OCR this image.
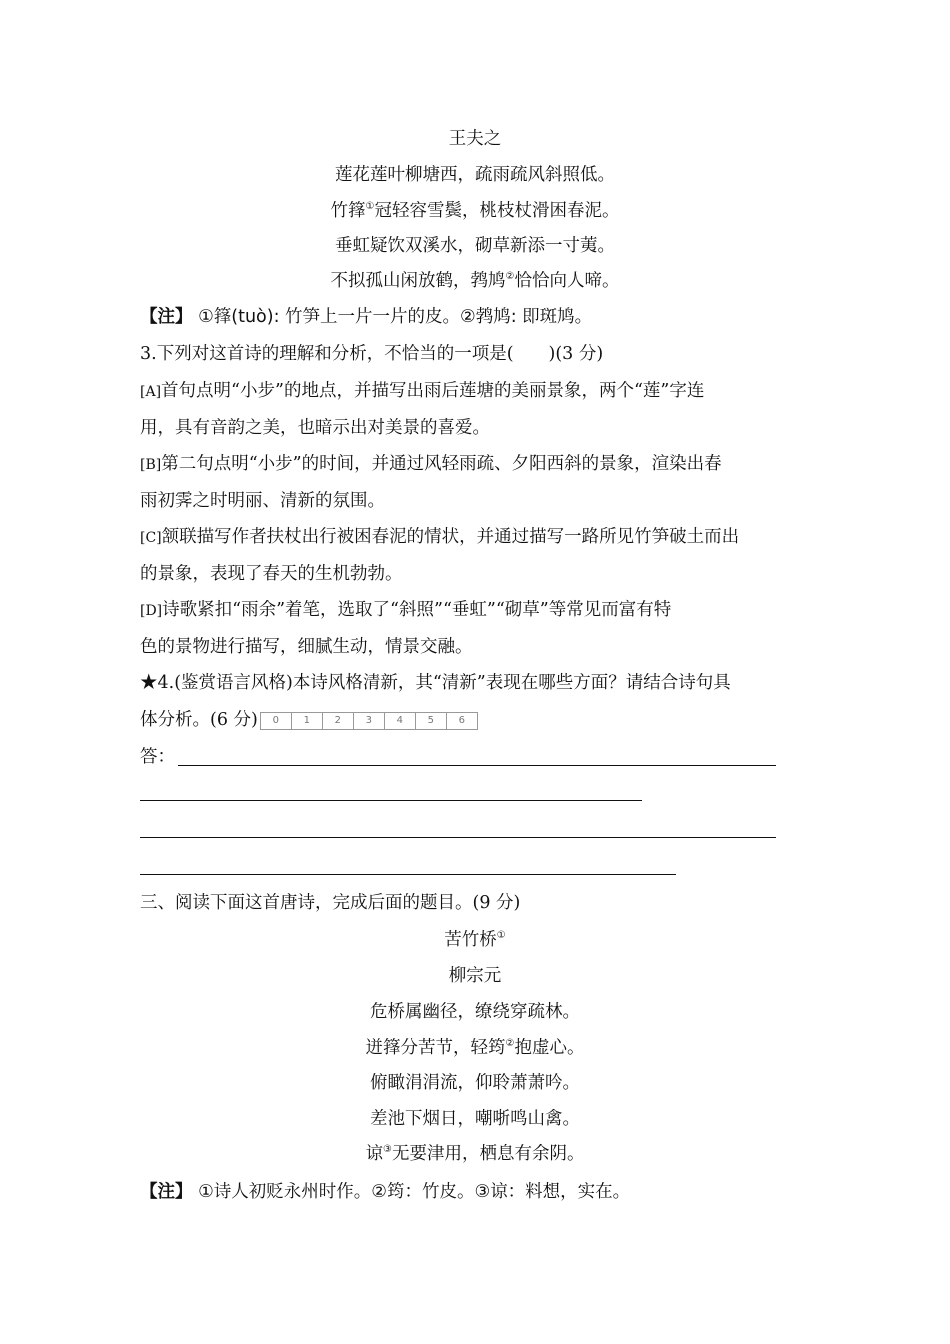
王夫之
莲花莲叶柳塘西，疏雨疏风斜照低。
竹箨①冠轻容雪鬓，桃枝杖滑困春泥。
垂虹疑饮双溪水，砌草新添一寸荑。
不拟孤山闲放鹤，鹁鸠②恰恰向人啼。
【注】 ①箨(tuò): 竹笋上一片一片的皮。②鹁鸠: 即斑鸠。
3.下列对这首诗的理解和分析，不恰当的一项是(　　)(3 分)
[A]首句点明“小步”的地点，并描写出雨后莲塘的美丽景象，两个“莲”字连
用，具有音韵之美，也暗示出对美景的喜爱。
[B]第二句点明“小步”的时间，并通过风轻雨疏、夕阳西斜的景象，渲染出春
雨初霁之时明丽、清新的氛围。
[C]颔联描写作者扶杖出行被困春泥的情状，并通过描写一路所见竹笋破土而出
的景象，表现了春天的生机勃勃。
[D]诗歌紧扣“雨余”着笔，选取了“斜照”“垂虹”“砌草”等常见而富有特
色的景物进行描写，细腻生动，情景交融。
★4.(鉴赏语言风格)本诗风格清新，其“清新”表现在哪些方面？请结合诗句具
体分析。(6 分)	0	1	2	3	4	5	6
答：
三、阅读下面这首唐诗，完成后面的题目。(9 分)
苦竹桥①
柳宗元
危桥属幽径，缭绕穿疏林。
迸箨分苦节，轻筠②抱虚心。
俯瞰涓涓流，仰聆萧萧吟。
差池下烟日，嘲哳鸣山禽。
谅③无要津用，栖息有余阴。
【注】 ①诗人初贬永州时作。②筠：竹皮。③谅：料想，实在。
